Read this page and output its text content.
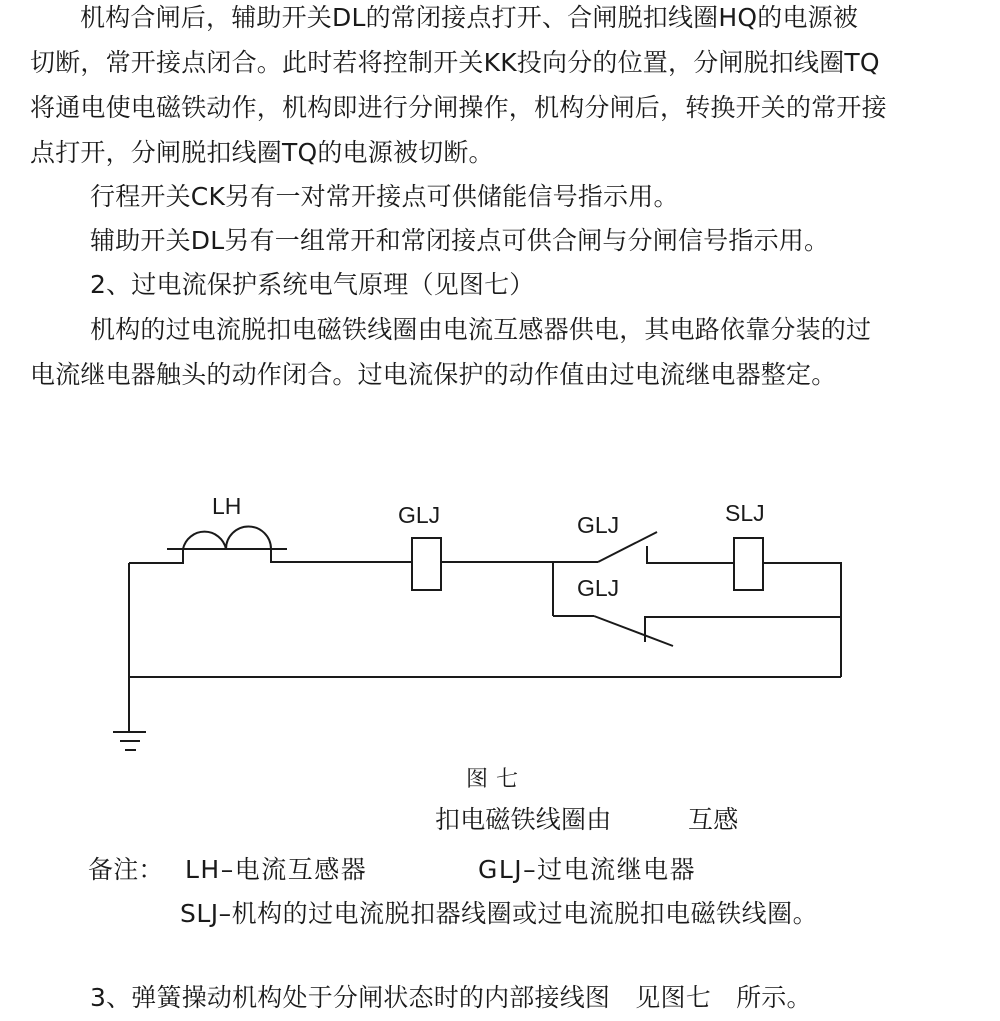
机构合闸后，辅助开关DL的常闭接点打开、合闸脱扣线圈HQ的电源被
切断，常开接点闭合。此时若将控制开关KK投向分的位置，分闸脱扣线圈TQ
将通电使电磁铁动作，机构即进行分闸操作，机构分闸后，转换开关的常开接
点打开，分闸脱扣线圈TQ的电源被切断。
行程开关CK另有一对常开接点可供储能信号指示用。
辅助开关DL另有一组常开和常闭接点可供合闸与分闸信号指示用。
2、过电流保护系统电气原理（见图七）
机构的过电流脱扣电磁铁线圈由电流互感器供电，其电路依靠分装的过
电流继电器触头的动作闭合。过电流保护的动作值由过电流继电器整定。
LH	GLJ	GLJ	SLJ
GLJ
图七
扣电磁铁线圈由	互感
备注： LH–电流互感器	GLJ–过电流继电器
SLJ–机构的过电流脱扣器线圈或过电流脱扣电磁铁线圈。
3、弹簧操动机构处于分闸状态时的内部接线图　见图七　所示。
